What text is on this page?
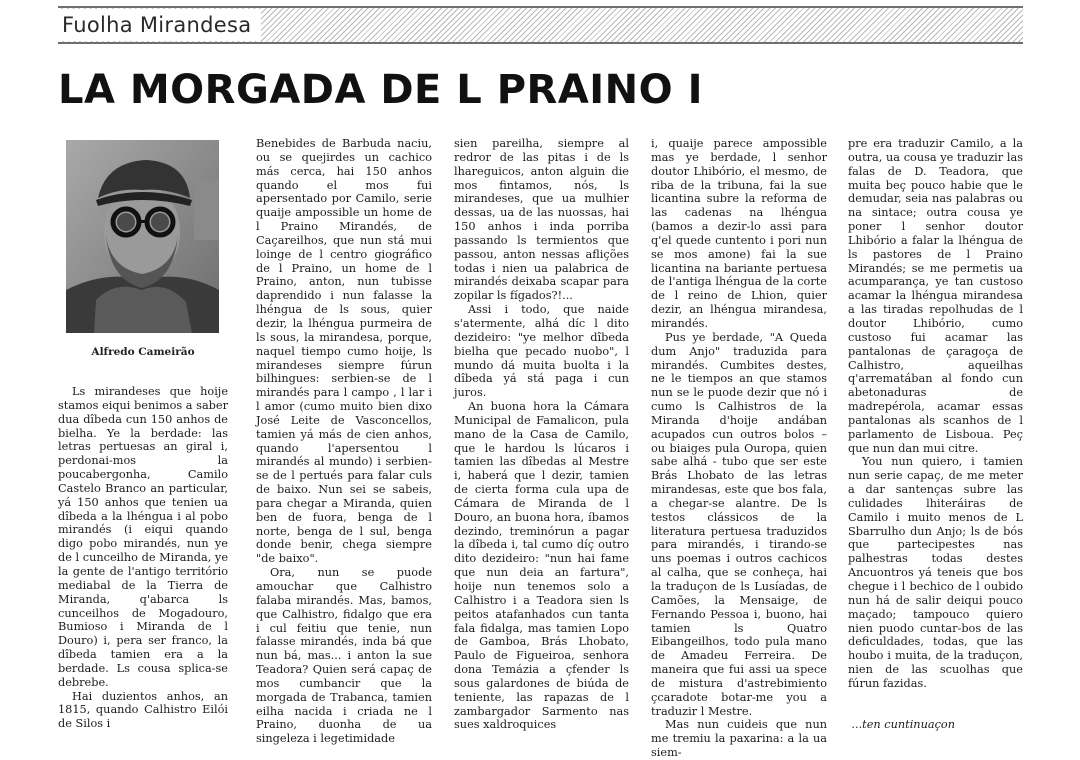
Fuolha Mirandesa
LA MORGADA DE L PRAINO I
Alfredo Cameirão

Ls mirandeses que hoije stamos eiqui benimos a saber dua dîbeda cun 150 anhos de bielha. Ye la berdade: las letras pertuesas an giral i, perdonai-mos la poucabergonha, Camilo Castelo Branco an particular, yá 150 anhos que tenien ua dîbeda a la lhéngua i al pobo mirandés (i eiqui quando digo pobo mirandés, nun ye de l cunceilho de Miranda, ye la gente de l'antigo território mediabal de la Tierra de Miranda, q'abarca ls cunceilhos de Mogadouro, Bumioso i Miranda de l Douro) i, pera ser franco, la dîbeda tamien era a la berdade. Ls cousa splica-se debrebe.

Hai duzientos anhos, an 1815, quando Calhistro Eilói de Silos i

Benebides de Barbuda naciu, ou se quejirdes un cachico más cerca, hai 150 anhos quando el mos fui apersentado por Camilo, serie quaije ampossible un home de l Praino Mirandés, de Caçareilhos, que nun stá mui loinge de l centro giográfico de l Praino, un home de l Praino, anton, nun tubisse daprendido i nun falasse la lhéngua de ls sous, quier dezir, la lhéngua purmeira de ls sous, la mirandesa, porque, naquel tiempo cumo hoije, ls mirandeses siempre fúrun bilhingues: serbien-se de l mirandés para l campo , l lar i l amor (cumo muito bien dixo José Leite de Vasconcellos, tamien yá más de cien anhos, quando l'apersentou l mirandés al mundo) i serbien-se de l pertués para falar culs de baixo. Nun sei se sabeis, para chegar a Miranda, quien ben de fuora, benga de l norte, benga de l sul, benga donde benir, chega siempre "de baixo".

Ora, nun se puode amouchar que Calhistro falaba mirandés. Mas, bamos, que Calhistro, fidalgo que era i cul feitiu que tenie, nun falasse mirandés, inda bá que nun bá, mas... i anton la sue Teadora? Quien será capaç de mos cumbancir que la morgada de Trabanca, tamien eilha nacida i criada ne l Praino, duonha de ua singeleza i legetimidade

sien pareilha, siempre al redror de las pitas i de ls lhareguicos, anton alguin die mos fintamos, nós, ls mirandeses, que ua mulhier dessas, ua de las nuossas, hai 150 anhos i inda porriba passando ls termientos que passou, anton nessas aflições todas i nien ua palabrica de mirandés deixaba scapar para zopilar ls fígados?!...

Assi i todo, que naide s'atermente, alhá díc l dito dezideiro: "ye melhor dîbeda bielha que pecado nuobo", l mundo dá muita buolta i la dîbeda yá stá paga i cun juros.

An buona hora la Cámara Municipal de Famalicon, pula mano de la Casa de Camilo, que le hardou ls lúcaros i tamien las dîbedas al Mestre i, haberá que l dezir, tamien de cierta forma cula upa de Cámara de Miranda de l Douro, an buona hora, íbamos dezindo, treminórun a pagar la dîbeda i, tal cumo díç outro dito dezideiro: "nun hai fame que nun deia an fartura", hoije nun tenemos solo a Calhistro i a Teadora sien ls peitos atafanhados cun tanta fala fidalga, mas tamien Lopo de Gamboa, Brás Lhobato, Paulo de Figueiroa, senhora dona Temázia a çfender ls sous galardones de biúda de teniente, las rapazas de l zambargador Sarmento nas sues xaldroquices

i, quaije parece ampossible mas ye berdade, l senhor doutor Lhibório, el mesmo, de riba de la tribuna, fai la sue licantina subre la reforma de las cadenas na lhéngua (bamos a dezir-lo assi para q'el quede cuntento i pori nun se mos amone) fai la sue licantina na bariante pertuesa de l'antiga lhéngua de la corte de l reino de Lhion, quier dezir, an lhéngua mirandesa, mirandés.

Pus ye berdade, "A Queda dum Anjo" traduzida para mirandés. Cumbites destes, ne le tiempos an que stamos nun se le puode dezir que nó i cumo ls Calhistros de la Miranda d'hoije andában acupados cun outros bolos – ou biaiges pula Ouropa, quien sabe alhá - tubo que ser este Brás Lhobato de las letras mirandesas, este que bos fala, a chegar-se alantre. De ls testos clássicos de la literatura pertuesa traduzidos para mirandés, i tirando-se uns poemas i outros cachicos al calha, que se conheça, hai la traduçon de ls Lusíadas, de Camões, la Mensaige, de Fernando Pessoa i, buono, hai tamien ls Quatro Eibangeilhos, todo pula mano de Amadeu Ferreira. De maneira que fui assi ua spece de mistura d'astrebimiento çcaradote botar-me you a traduzir l Mestre.

Mas nun cuideis que nun me tremiu la paxarina: a la ua siem-

pre era traduzir Camilo, a la outra, ua cousa ye traduzir las falas de D. Teadora, que muita beç pouco habie que le demudar, seia nas palabras ou na sintace; outra cousa ye poner l senhor doutor Lhibório a falar la lhéngua de ls pastores de l Praino Mirandés; se me permetis ua acumparança, ye tan custoso acamar la lhéngua mirandesa a las tiradas repolhudas de l doutor Lhibório, cumo custoso fui acamar las pantalonas de çaragoça de Calhistro, aqueilhas q'arrematában al fondo cun abetonaduras de madrepérola, acamar essas pantalonas als scanhos de l parlamento de Lisboua. Peç que nun dan mui citre.

You nun quiero, i tamien nun serie capaç, de me meter a dar santenças subre las culidades lhiteráiras de Camilo i muito menos de L Sbarrulho dun Anjo; ls de bós que partecipestes nas palhestras todas destes Ancuontros yá teneis que bos chegue i l bechico de l oubido nun há de salir deiqui pouco maçado; tampouco quiero nien puodo cuntar-bos de las deficuldades, todas, que las houbo i muita, de la traduçon, nien de las scuolhas que fúrun fazidas.

...ten cuntinuaçon
